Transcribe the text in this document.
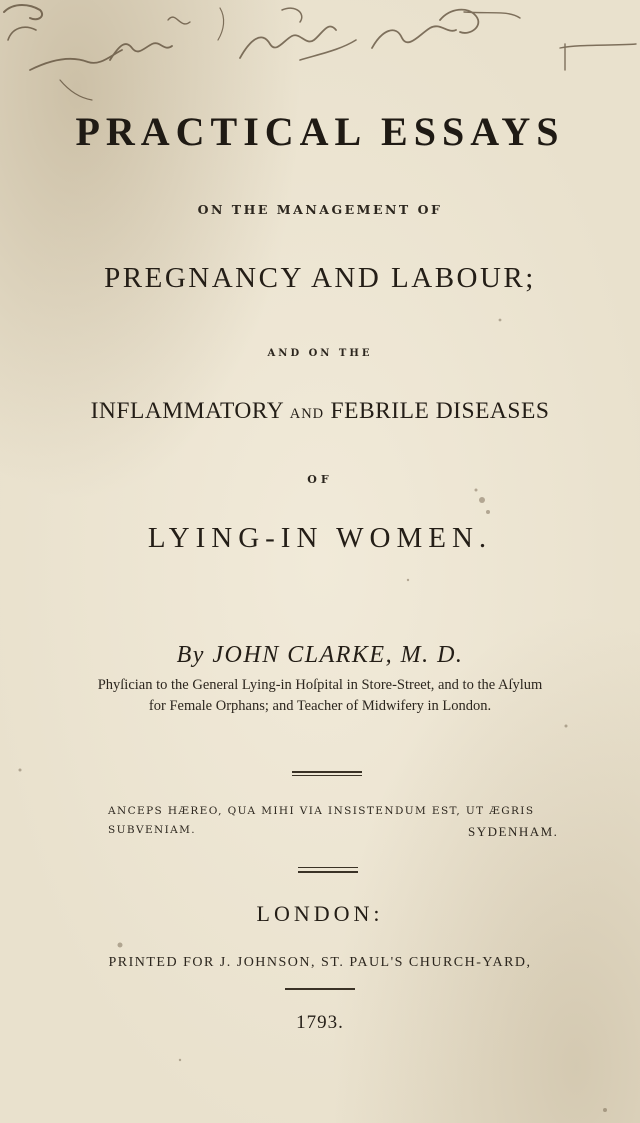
PRACTICAL ESSAYS
ON THE MANAGEMENT OF
PREGNANCY AND LABOUR;
AND ON THE
INFLAMMATORY AND FEBRILE DISEASES
OF
LYING-IN WOMEN.
By JOHN CLARKE, M. D.
Phyſician to the General Lying-in Hoſpital in Store-Street, and to the Aſylum
for Female Orphans; and Teacher of Midwifery in London.
ANCEPS HÆREO, QUA MIHI VIA INSISTENDUM EST, UT ÆGRIS
SUBVENIAM.	SYDENHAM.
LONDON:
PRINTED FOR J. JOHNSON, ST. PAUL'S CHURCH-YARD,
1793.
